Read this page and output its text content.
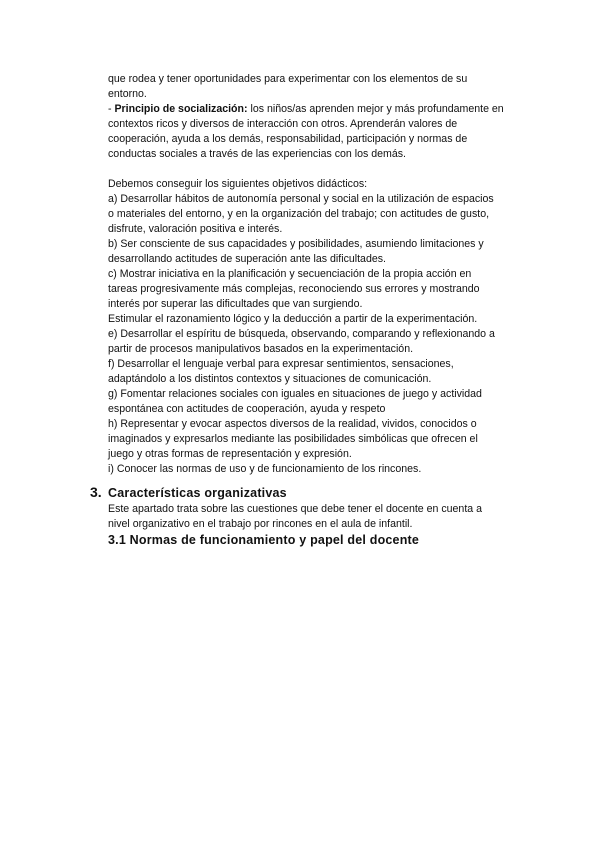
que rodea y tener oportunidades para experimentar con los elementos de su
entorno.
- Principio de socialización: los niños/as aprenden mejor y más profundamente en
contextos ricos y diversos de interacción con otros. Aprenderán valores de
cooperación, ayuda a los demás, responsabilidad, participación y normas de
conductas sociales a través de las experiencias con los demás.
Debemos conseguir los siguientes objetivos didácticos:
a) Desarrollar hábitos de autonomía personal y social en la utilización de espacios
o materiales del entorno, y en la organización del trabajo; con actitudes de gusto,
disfrute, valoración positiva e interés.
b) Ser consciente de sus capacidades y posibilidades, asumiendo limitaciones y
desarrollando actitudes de superación ante las dificultades.
c) Mostrar iniciativa en la planificación y secuenciación de la propia acción en
tareas progresivamente más complejas, reconociendo sus errores y mostrando
interés por superar las dificultades que van surgiendo.
Estimular el razonamiento lógico y la deducción a partir de la experimentación.
e) Desarrollar el espíritu de búsqueda, observando, comparando y reflexionando a
partir de procesos manipulativos basados en la experimentación.
f) Desarrollar el lenguaje verbal para expresar sentimientos, sensaciones,
adaptándolo a los distintos contextos y situaciones de comunicación.
g) Fomentar relaciones sociales con iguales en situaciones de juego y actividad
espontánea con actitudes de cooperación, ayuda y respeto
h) Representar y evocar aspectos diversos de la realidad, vividos, conocidos o
imaginados y expresarlos mediante las posibilidades simbólicas que ofrecen el
juego y otras formas de representación y expresión.
i) Conocer las normas de uso y de funcionamiento de los rincones.
3. Características organizativas
Este apartado trata sobre las cuestiones que debe tener el docente en cuenta a
nivel organizativo en el trabajo por rincones en el aula de infantil.
3.1 Normas de funcionamiento y papel del docente
